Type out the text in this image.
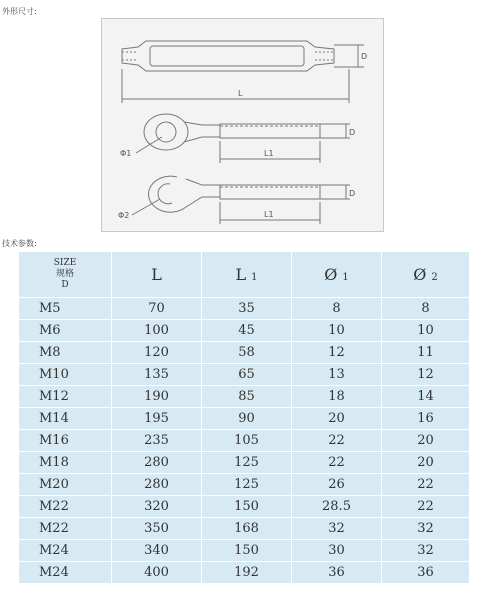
外形尺寸:
D
L
D
L1
Φ1
D
L1
Φ2
技术参数:
SIZE
规格
D	L	L 1	Ø 1	Ø 2
M5	70	35	8	8
M6	100	45	10	10
M8	120	58	12	11
M10	135	65	13	12
M12	190	85	18	14
M14	195	90	20	16
M16	235	105	22	20
M18	280	125	22	20
M20	280	125	26	22
M22	320	150	28.5	22
M22	350	168	32	32
M24	340	150	30	32
M24	400	192	36	36
